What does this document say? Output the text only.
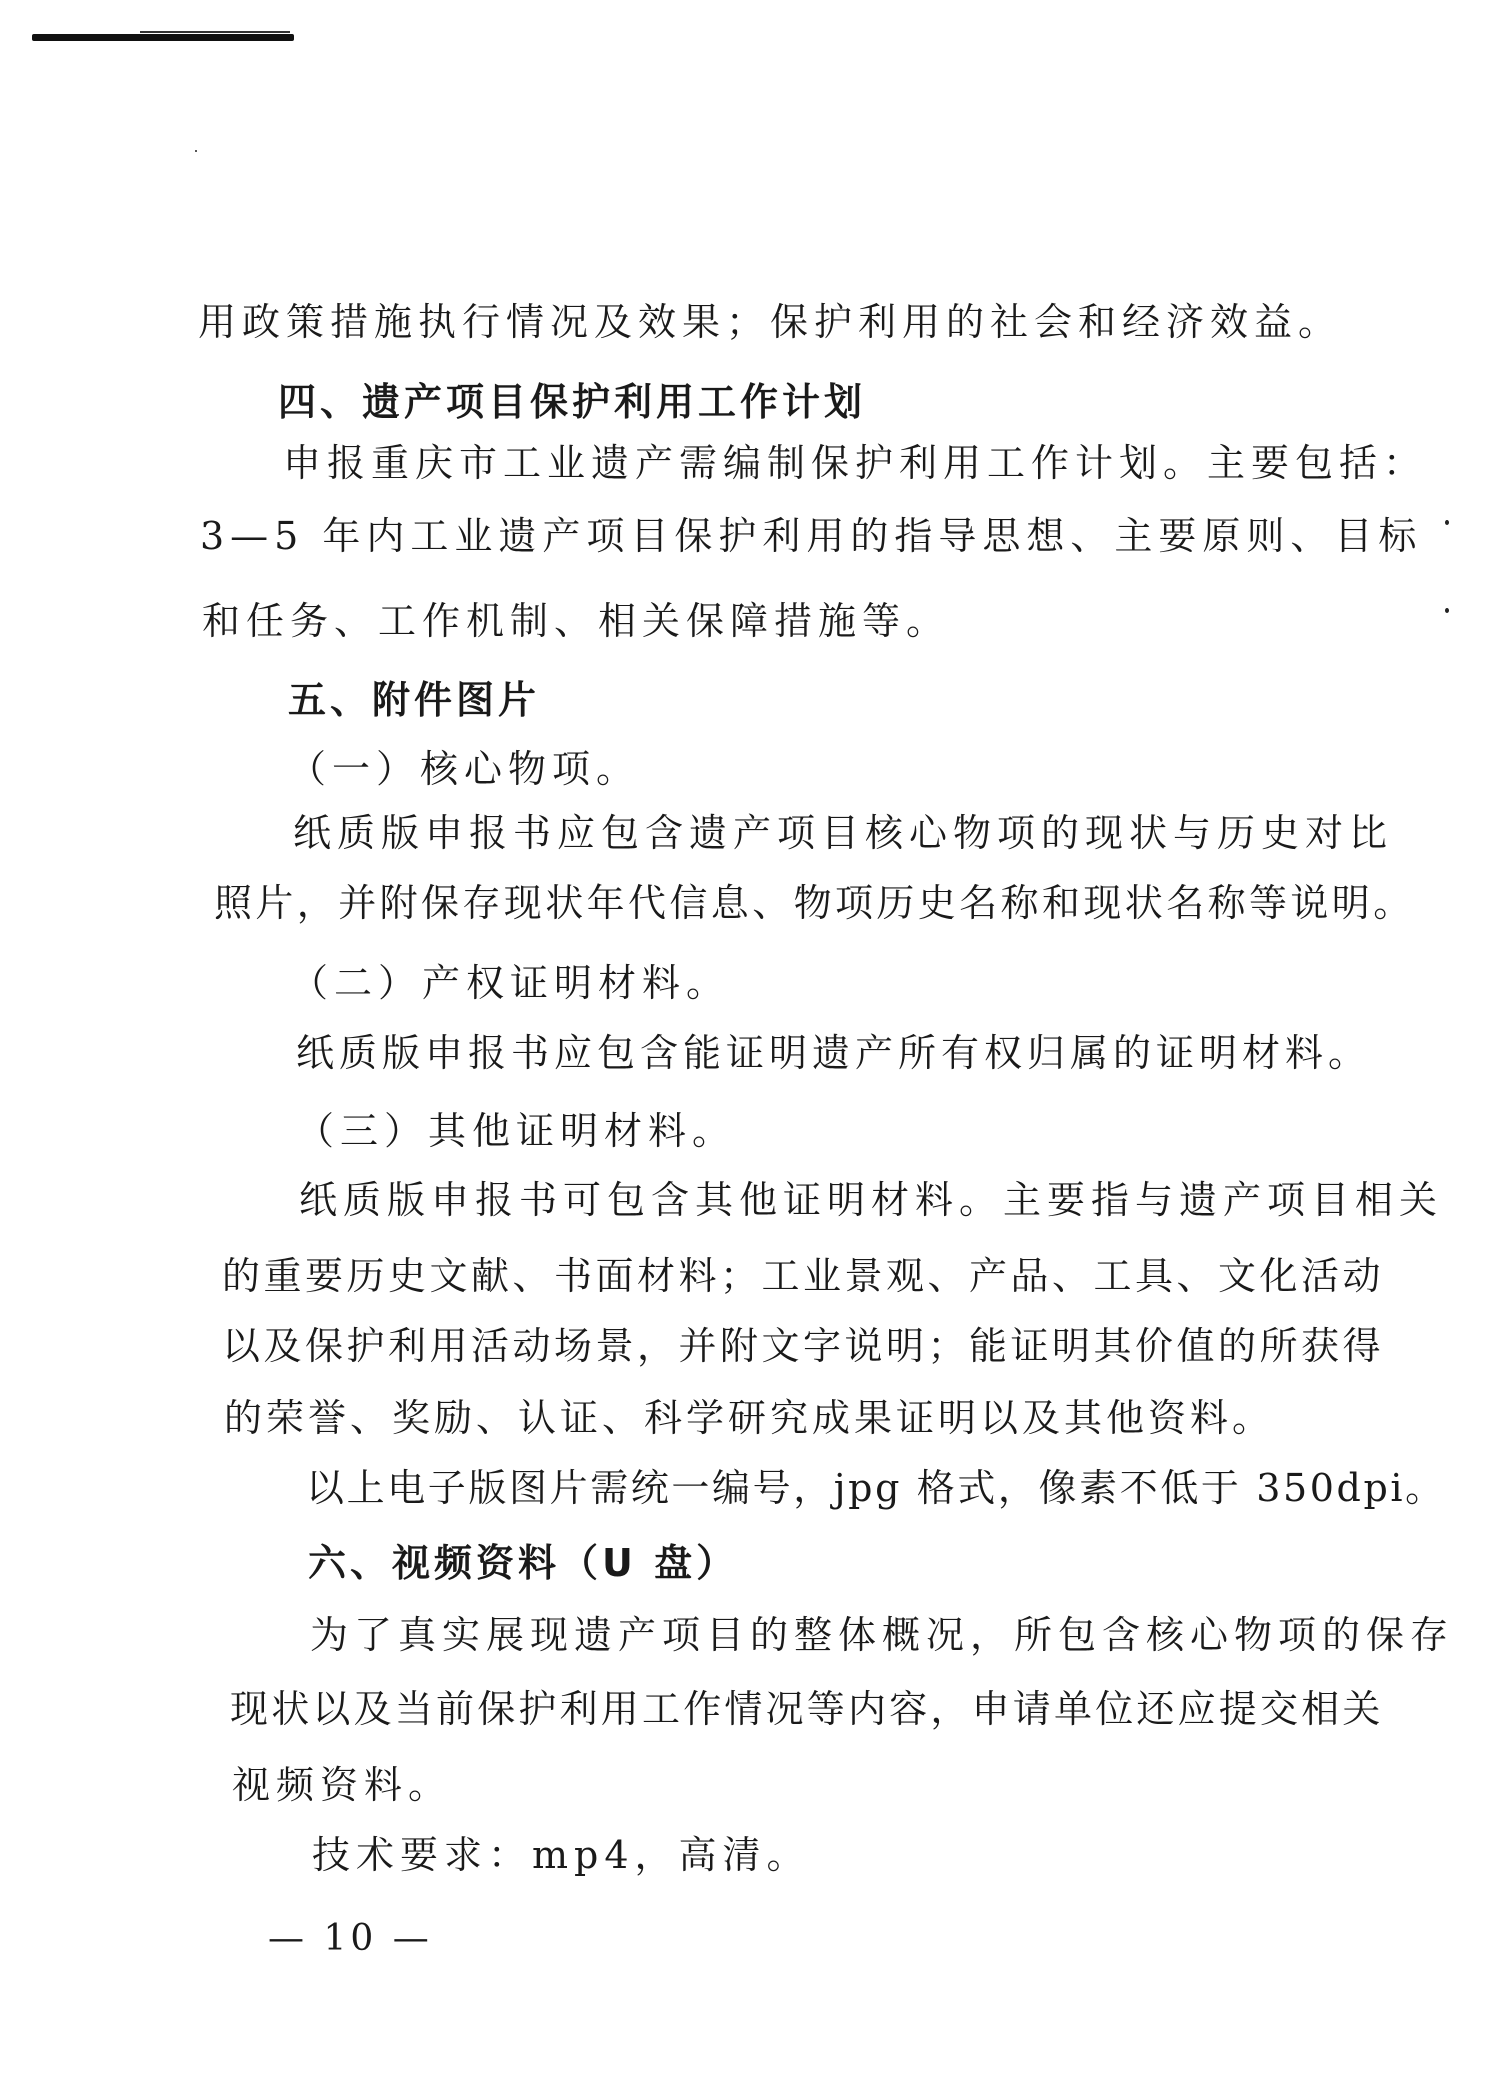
用政策措施执行情况及效果；保护利用的社会和经济效益。
四、遗产项目保护利用工作计划
申报重庆市工业遗产需编制保护利用工作计划。主要包括：
3—5 年内工业遗产项目保护利用的指导思想、主要原则、目标
和任务、工作机制、相关保障措施等。
五、附件图片
（一）核心物项。
纸质版申报书应包含遗产项目核心物项的现状与历史对比
照片，并附保存现状年代信息、物项历史名称和现状名称等说明。
（二）产权证明材料。
纸质版申报书应包含能证明遗产所有权归属的证明材料。
（三）其他证明材料。
纸质版申报书可包含其他证明材料。主要指与遗产项目相关
的重要历史文献、书面材料；工业景观、产品、工具、文化活动
以及保护利用活动场景，并附文字说明；能证明其价值的所获得
的荣誉、奖励、认证、科学研究成果证明以及其他资料。
以上电子版图片需统一编号，jpg 格式，像素不低于 350dpi。
六、视频资料（U 盘）
为了真实展现遗产项目的整体概况，所包含核心物项的保存
现状以及当前保护利用工作情况等内容，申请单位还应提交相关
视频资料。
技术要求：mp4，高清。
— 10 —
